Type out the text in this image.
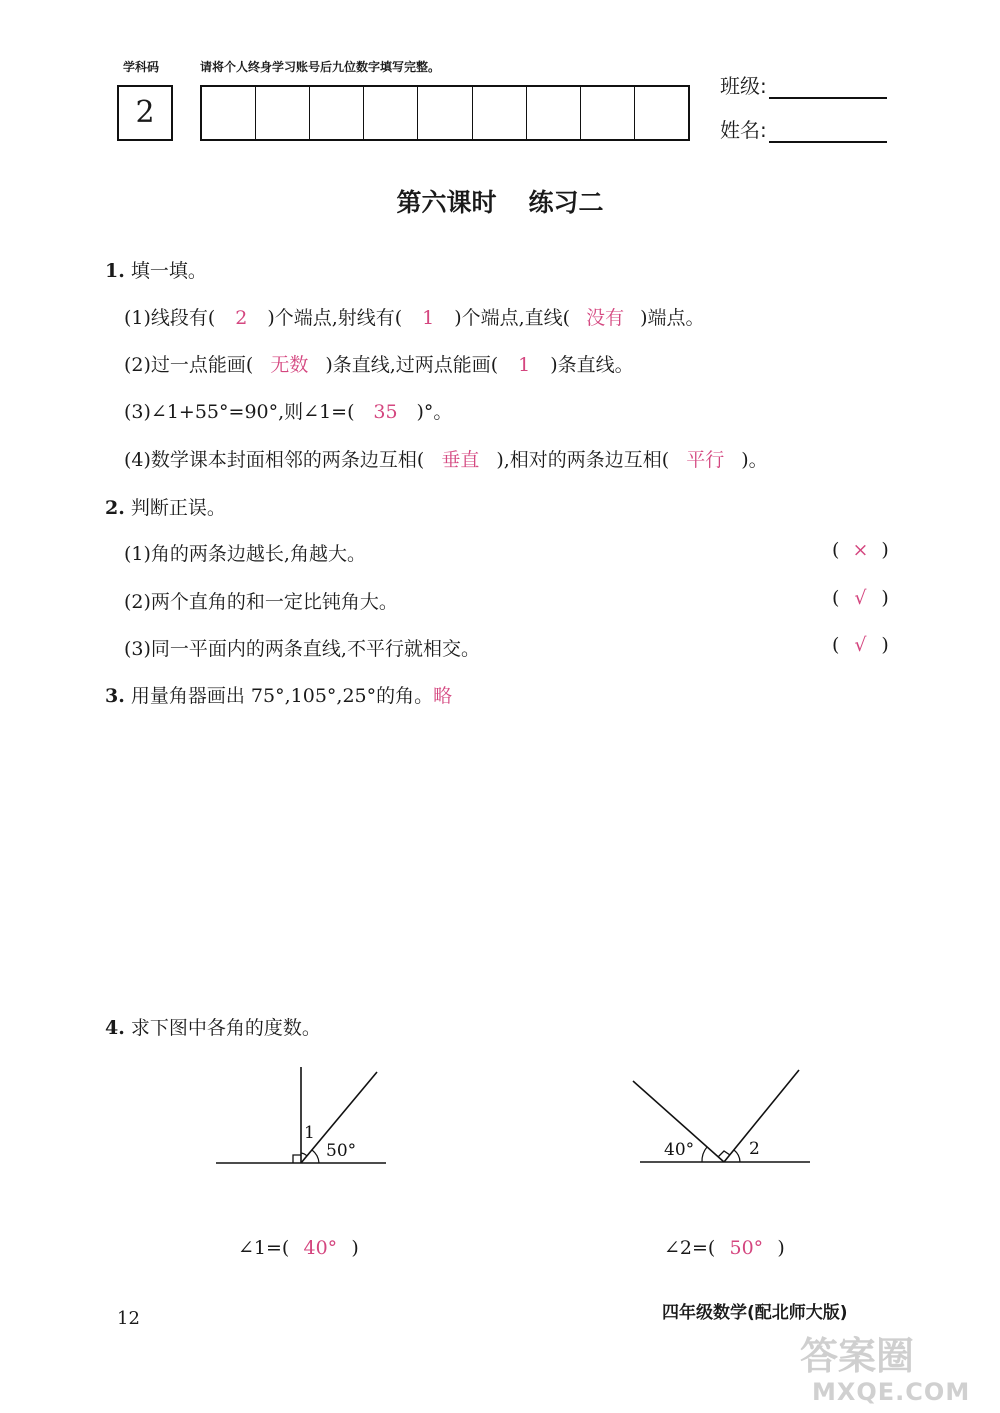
学科码	请将个人终身学习账号后九位数字填写完整。
2
班级:
姓名:
第六课时 练习二
1. 填一填。
(1)线段有( 2 )个端点,射线有( 1 )个端点,直线( 没有 )端点。
(2)过一点能画( 无数 )条直线,过两点能画( 1 )条直线。
(3)∠1+55°=90°,则∠1=( 35 )°。
(4)数学课本封面相邻的两条边互相( 垂直 ),相对的两条边互相( 平行 )。
2. 判断正误。
(1)角的两条边越长,角越大。	( × )
(2)两个直角的和一定比钝角大。	( √ )
(3)同一平面内的两条直线,不平行就相交。	( √ )
3. 用量角器画出 75°,105°,25°的角。略
4. 求下图中各角的度数。
1
50°
∠1=( 40° )
40°	2
∠2=( 50° )
12	四年级数学(配北师大版)
答案圈
MXQE.COM
